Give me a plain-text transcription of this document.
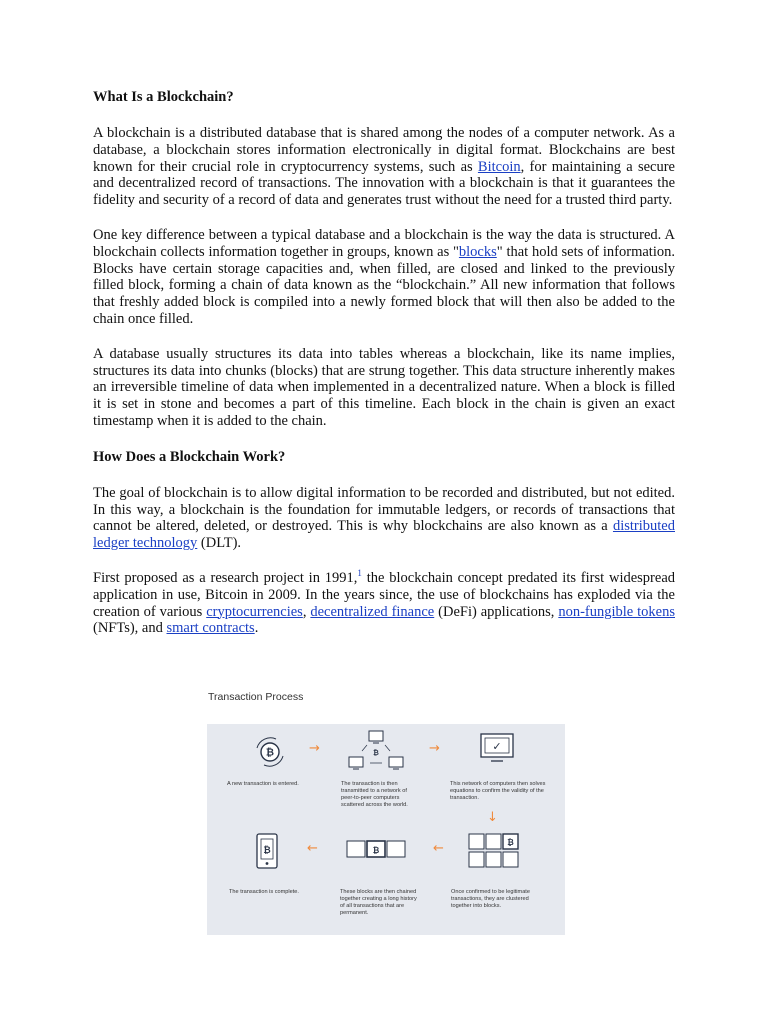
What Is a Blockchain?

A blockchain is a distributed database that is shared among the nodes of a computer network. As a database, a blockchain stores information electronically in digital format. Blockchains are best known for their crucial role in cryptocurrency systems, such as Bitcoin, for maintaining a secure and decentralized record of transactions. The innovation with a blockchain is that it guarantees the fidelity and security of a record of data and generates trust without the need for a trusted third party.

One key difference between a typical database and a blockchain is the way the data is structured. A blockchain collects information together in groups, known as "blocks" that hold sets of information. Blocks have certain storage capacities and, when filled, are closed and linked to the previously filled block, forming a chain of data known as the “blockchain.” All new information that follows that freshly added block is compiled into a newly formed block that will then also be added to the chain once filled.

A database usually structures its data into tables whereas a blockchain, like its name implies, structures its data into chunks (blocks) that are strung together. This data structure inherently makes an irreversible timeline of data when implemented in a decentralized nature. When a block is filled it is set in stone and becomes a part of this timeline. Each block in the chain is given an exact timestamp when it is added to the chain.

How Does a Blockchain Work?

The goal of blockchain is to allow digital information to be recorded and distributed, but not edited. In this way, a blockchain is the foundation for immutable ledgers, or records of transactions that cannot be altered, deleted, or destroyed. This is why blockchains are also known as a distributed ledger technology (DLT).

First proposed as a research project in 1991,$^1$ the blockchain concept predated its first widespread application in use, Bitcoin in 2009. In the years since, the use of blockchains has exploded via the creation of various cryptocurrencies, decentralized finance (DeFi) applications, non-fungible tokens (NFTs), and smart contracts.

Transaction Process
₿	→	₿	→	✓
A new transaction is entered.	The transaction is then transmitted to a network of peer-to-peer computers scattered across the world.
This network of computers then solves equations to confirm the validity of the transaction.
↓
₿	←	₿	←	₿
The transaction is complete.	These blocks are then chained together creating a long history of all transactions that are permanent.
Once confirmed to be legitimate transactions, they are clustered together into blocks.
